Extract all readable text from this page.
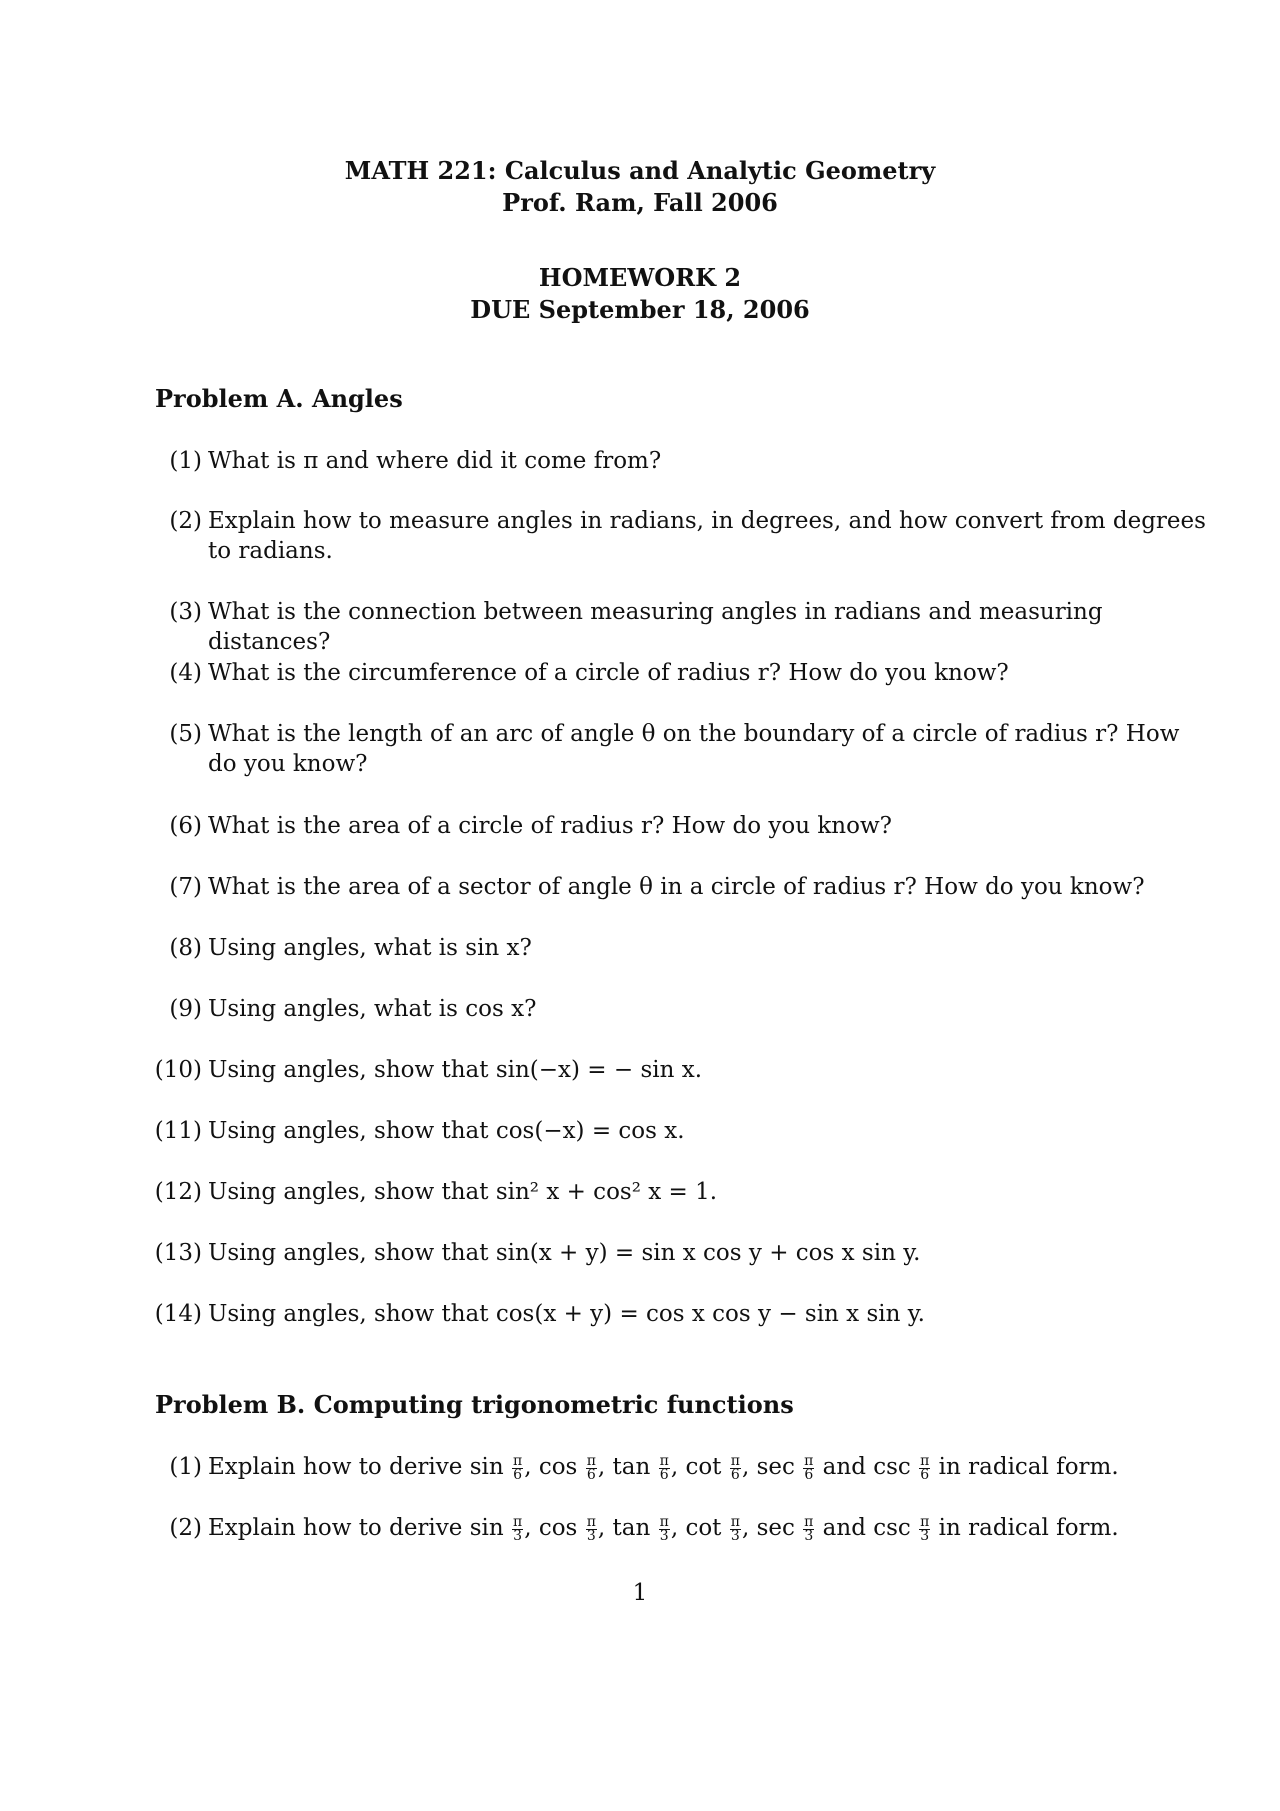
MATH 221: Calculus and Analytic Geometry
Prof. Ram, Fall 2006
HOMEWORK 2
DUE September 18, 2006
Problem A. Angles
(1) What is π and where did it come from?
(2) Explain how to measure angles in radians, in degrees, and how convert from degrees to radians.
(3) What is the connection between measuring angles in radians and measuring distances?
(4) What is the circumference of a circle of radius r? How do you know?
(5) What is the length of an arc of angle θ on the boundary of a circle of radius r? How do you know?
(6) What is the area of a circle of radius r? How do you know?
(7) What is the area of a sector of angle θ in a circle of radius r? How do you know?
(8) Using angles, what is sin x?
(9) Using angles, what is cos x?
(10) Using angles, show that sin(−x) = − sin x.
(11) Using angles, show that cos(−x) = cos x.
(12) Using angles, show that sin² x + cos² x = 1.
(13) Using angles, show that sin(x + y) = sin x cos y + cos x sin y.
(14) Using angles, show that cos(x + y) = cos x cos y − sin x sin y.
Problem B. Computing trigonometric functions
(1) Explain how to derive $\sin \frac{\pi}{6}$ , $\cos \frac{\pi}{6}$ , $\tan \frac{\pi}{6}$ , $\cot \frac{\pi}{6}$ , $\sec \frac{\pi}{6}$ and $\csc \frac{\pi}{6}$ in radical form.
(2) Explain how to derive $\sin \frac{\pi}{3}$ , $\cos \frac{\pi}{3}$ , $\tan \frac{\pi}{3}$ , $\cot \frac{\pi}{3}$ , $\sec \frac{\pi}{3}$ and $\csc \frac{\pi}{3}$ in radical form.
1
